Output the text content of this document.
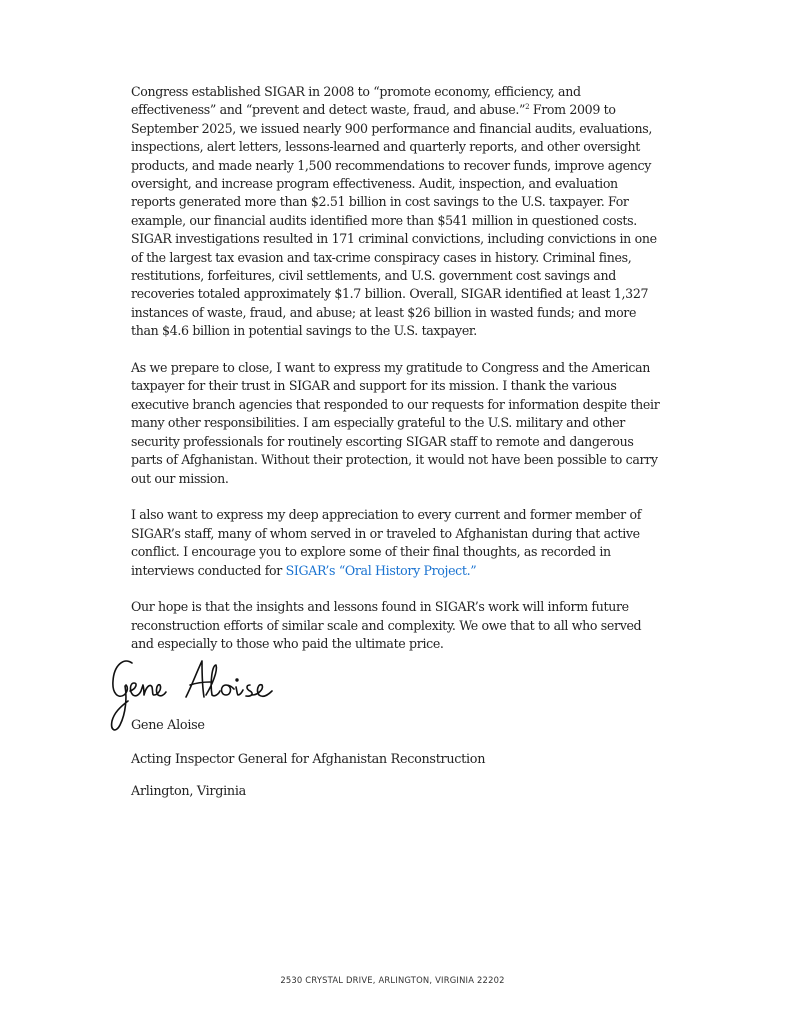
Congress established SIGAR in 2008 to “promote economy, efficiency, and effectiveness” and “prevent and detect waste, fraud, and abuse.”$^2$ From 2009 to September 2025, we issued nearly 900 performance and financial audits, evaluations, inspections, alert letters, lessons-learned and quarterly reports, and other oversight products, and made nearly 1,500 recommendations to recover funds, improve agency oversight, and increase program effectiveness. Audit, inspection, and evaluation reports generated more than $2.51 billion in cost savings to the U.S. taxpayer. For example, our financial audits identified more than $541 million in questioned costs. SIGAR investigations resulted in 171 criminal convictions, including convictions in one of the largest tax evasion and tax-crime conspiracy cases in history. Criminal fines, restitutions, forfeitures, civil settlements, and U.S. government cost savings and recoveries totaled approximately $1.7 billion. Overall, SIGAR identified at least 1,327 instances of waste, fraud, and abuse; at least $26 billion in wasted funds; and more than $4.6 billion in potential savings to the U.S. taxpayer.

As we prepare to close, I want to express my gratitude to Congress and the American taxpayer for their trust in SIGAR and support for its mission. I thank the various executive branch agencies that responded to our requests for information despite their many other responsibilities. I am especially grateful to the U.S. military and other security professionals for routinely escorting SIGAR staff to remote and dangerous parts of Afghanistan. Without their protection, it would not have been possible to carry out our mission.

I also want to express my deep appreciation to every current and former member of SIGAR’s staff, many of whom served in or traveled to Afghanistan during that active conflict. I encourage you to explore some of their final thoughts, as recorded in interviews conducted for SIGAR’s “Oral History Project.”

Our hope is that the insights and lessons found in SIGAR’s work will inform future reconstruction efforts of similar scale and complexity. We owe that to all who served and especially to those who paid the ultimate price.

Gene Aloise
Acting Inspector General for Afghanistan Reconstruction
Arlington, Virginia
2530 CRYSTAL DRIVE, ARLINGTON, VIRGINIA 22202
